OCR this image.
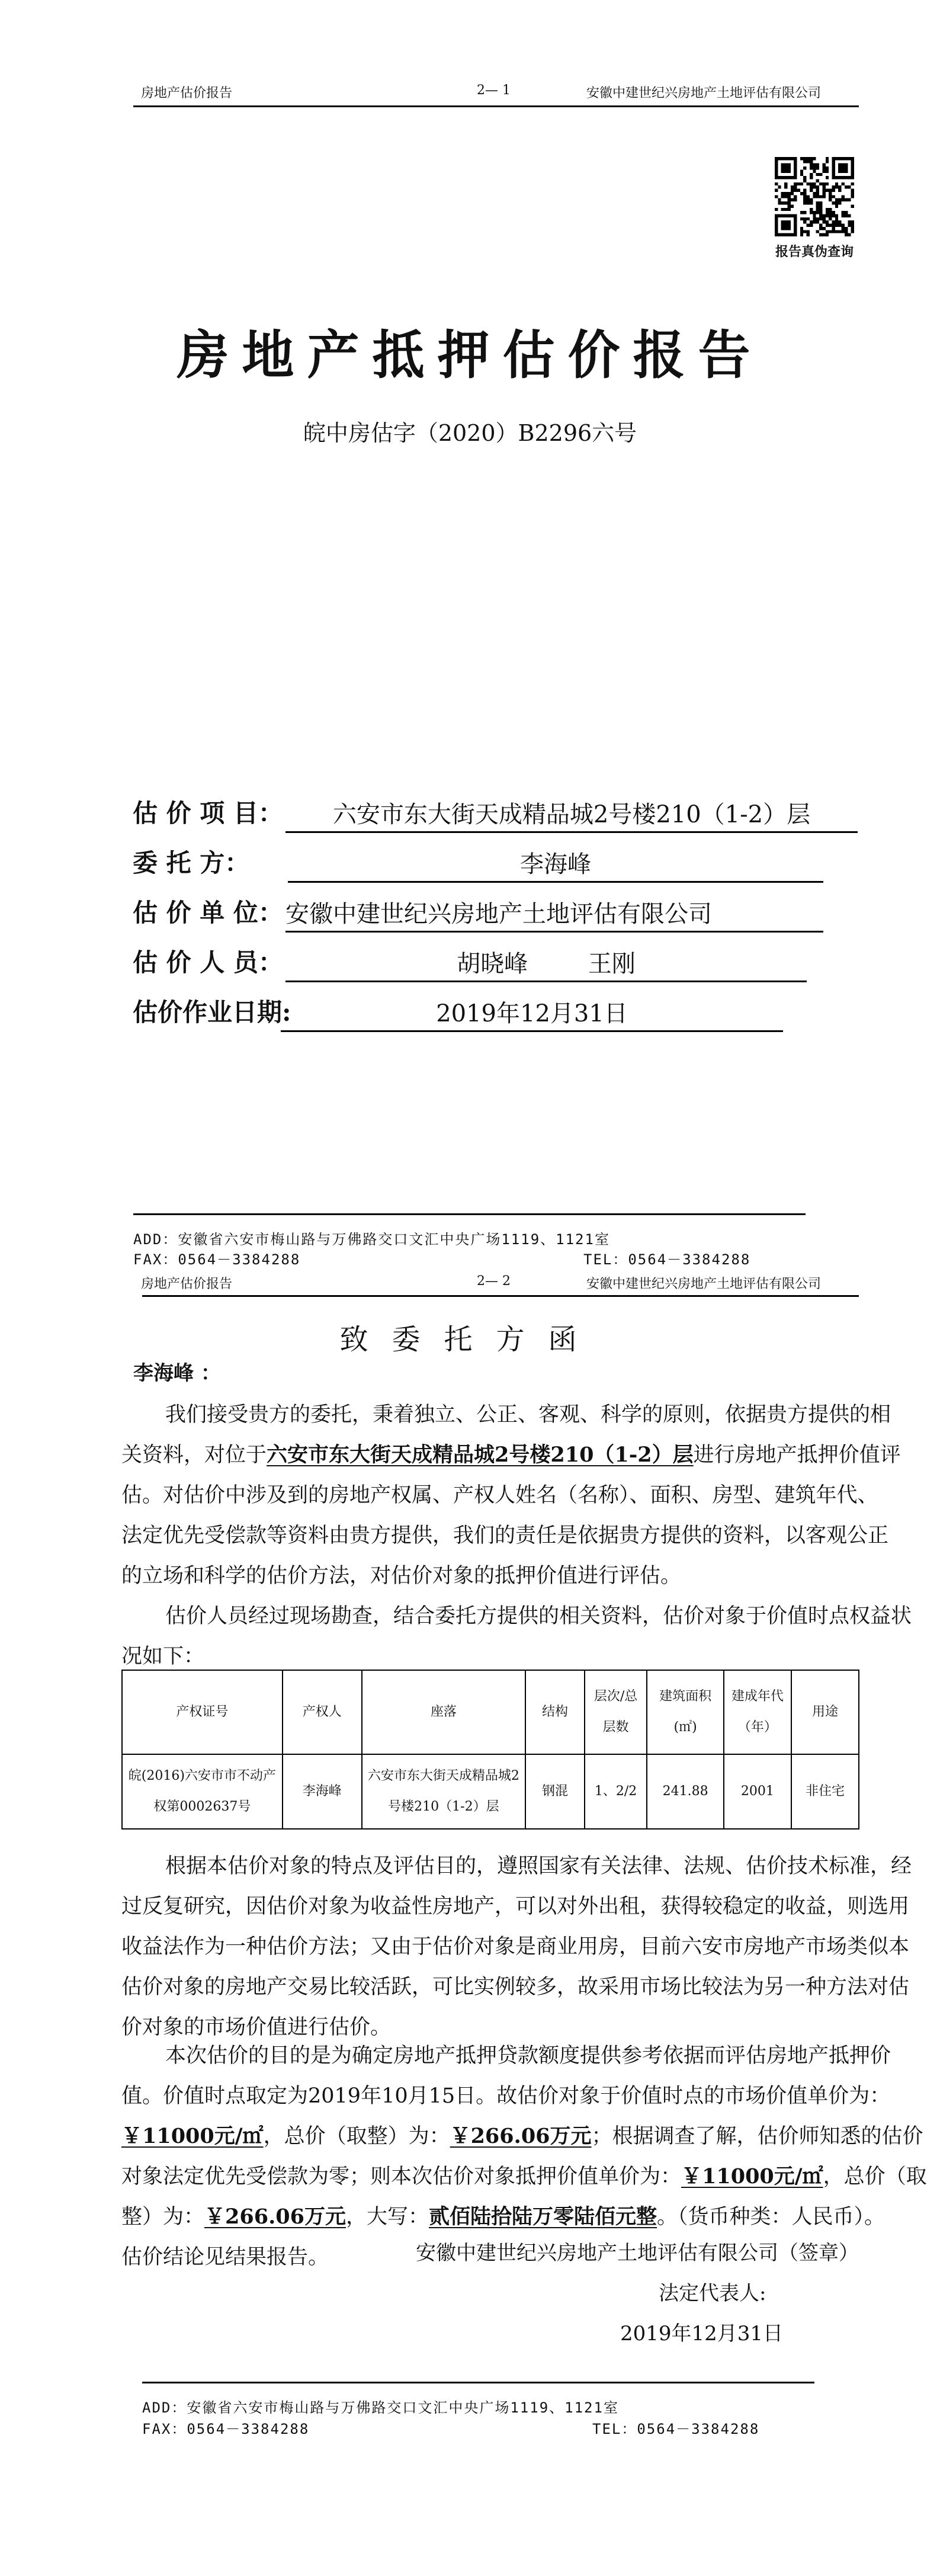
房地产估价报告	2— 1	安徽中建世纪兴房地产土地评估有限公司
报告真伪查询
房地产抵押估价报告
皖中房估字（2020）B2296六号
估 价 项 目：	六安市东大街天成精品城2号楼210（1-2）层
委 托 方：	李海峰
估 价 单 位： 安徽中建世纪兴房地产土地评估有限公司
估 价 人 员：	胡晓峰        王刚
估价作业日期:	2019年12月31日
ADD：安徽省六安市梅山路与万佛路交口文汇中央广场1119、1121室
FAX：0564－3384288	TEL：0564－3384288
房地产估价报告	2— 2	安徽中建世纪兴房地产土地评估有限公司
致委托方函
李海峰 ：
我们接受贵方的委托，秉着独立、公正、客观、科学的原则，依据贵方提供的相
关资料，对位于六安市东大街天成精品城2号楼210（1-2）层进行房地产抵押价值评
估。对估价中涉及到的房地产权属、产权人姓名（名称）、面积、房型、建筑年代、
法定优先受偿款等资料由贵方提供，我们的责任是依据贵方提供的资料，以客观公正
的立场和科学的估价方法，对估价对象的抵押价值进行评估。
估价人员经过现场勘查，结合委托方提供的相关资料，估价对象于价值时点权益状
况如下：
根据本估价对象的特点及评估目的，遵照国家有关法律、法规、估价技术标准，经
过反复研究，因估价对象为收益性房地产，可以对外出租，获得较稳定的收益，则选用
收益法作为一种估价方法；又由于估价对象是商业用房，目前六安市房地产市场类似本
估价对象的房地产交易比较活跃，可比实例较多，故采用市场比较法为另一种方法对估
价对象的市场价值进行估价。
本次估价的目的是为确定房地产抵押贷款额度提供参考依据而评估房地产抵押价
值。价值时点取定为2019年10月15日。故估价对象于价值时点的市场价值单价为：
￥11000元/㎡，总价（取整）为：￥266.06万元；根据调查了解，估价师知悉的估价
对象法定优先受偿款为零；则本次估价对象抵押价值单价为：￥11000元/㎡，总价（取
整）为：￥266.06万元，大写：贰佰陆拾陆万零陆佰元整。（货币种类：人民币）。
估价结论见结果报告。
产权证号	产权人	座落	结构	层次/总层数	建筑面积(㎡)	建成年代（年）	用途
皖(2016)六安市市不动产权第0002637号	李海峰	六安市东大街天成精品城2号楼210（1-2）层	钢混	1、2/2	241.88	2001	非住宅
安徽中建世纪兴房地产土地评估有限公司（签章）
法定代表人:
2019年12月31日
ADD：安徽省六安市梅山路与万佛路交口文汇中央广场1119、1121室
FAX：0564－3384288	TEL：0564－3384288
